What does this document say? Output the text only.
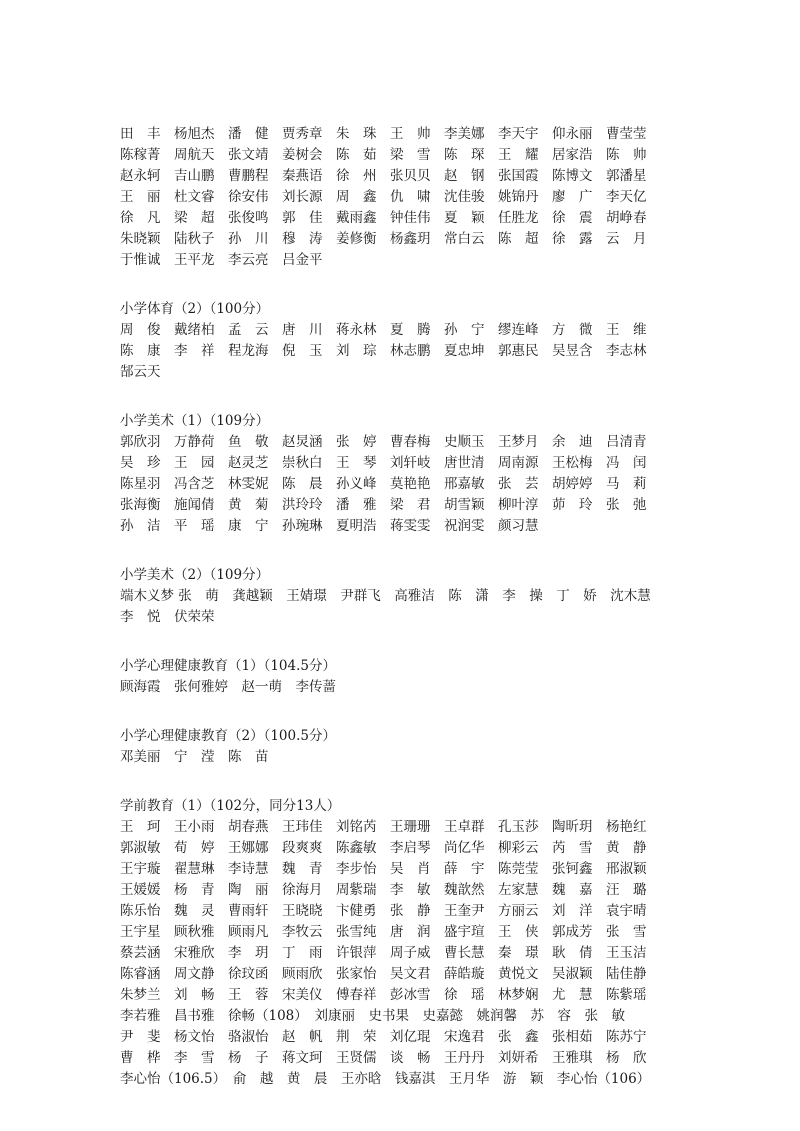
田　丰　杨旭杰　潘　健　贾秀章　朱　珠　王　帅　李美娜　李天宇　仰永丽　曹莹莹
陈稼菁　周航天　张文靖　姜树会　陈　茹　梁　雪　陈　琛　王　耀　居家浩　陈　帅
赵永轲　吉山鹏　曹鹏程　秦燕语　徐　州　张贝贝　赵　钢　张国霞　陈博文　郭潘星
王　丽　杜文睿　徐安伟　刘长源　周　鑫　仇　啸　沈佳骏　姚锦丹　廖　广　李天亿
徐　凡　梁　超　张俊鸣　郭　佳　戴雨鑫　钟佳伟　夏　颖　任胜龙　徐　震　胡峥春
朱晓颖　陆秋子　孙　川　穆　涛　姜修衡　杨鑫玥　常白云　陈　超　徐　露　云　月
于惟诚　王平龙　李云亮　吕金平
小学体育（2）（100分）
周　俊　戴绪柏　孟　云　唐　川　蒋永林　夏　腾　孙　宁　缪连峰　方　微　王　维
陈　康　李　祥　程龙海　倪　玉　刘　琮　林志鹏　夏忠坤　郭惠民　吴昱含　李志林
郜云天
小学美术（1）（109分）
郭欣羽　万静荷　鱼　敬　赵炅涵　张　婷　曹春梅　史顺玉　王梦月　余　迪　吕清青
吴　珍　王　园　赵灵芝　崇秋白　王　琴　刘轩岐　唐世清　周南源　王松梅　冯　闰
陈星羽　冯含芝　林雯妮　陈　晨　孙义峰　莫艳艳　邢嘉敏　张　芸　胡婷婷　马　莉
张海衡　施闻倩　黄　菊　洪玲玲　潘　雅　梁　君　胡雪颖　柳叶淳　茆　玲　张　弛
孙　洁　平　瑶　康　宁　孙琬琳　夏明浩　蒋雯雯　祝润雯　颜习慧
小学美术（2）（109分）
端木义梦 张　萌　龚越颖　王婧璟　尹群飞　高雅洁　陈　潇　李　操　丁　娇　沈木慧
李　悦　伏荣荣
小学心理健康教育（1）（104.5分）
顾海霞　张何雅婷　赵一萌　李传蔷
小学心理健康教育（2）（100.5分）
邓美丽　宁　滢　陈　苗
学前教育（1）（102分，同分13人）
王　珂　王小雨　胡春燕　王玮佳　刘铭芮　王珊珊　王卓群　孔玉莎　陶昕玥　杨艳红
郭淑敏　荀　婷　王娜娜　段爽爽　陈鑫敏　李启琴　尚亿华　柳彩云　芮　雪　黄　静
王宇璇　翟慧琳　李诗慧　魏　青　李步怡　吴　肖　薛　宇　陈莞莹　张钶鑫　邢淑颖
王媛媛　杨　青　陶　丽　徐海月　周紫瑞　李　敏　魏歆然　左家慧　魏　嘉　汪　璐
陈乐怡　魏　灵　曹雨轩　王晓晓　卞健勇　张　静　王奎尹　方丽云　刘　洋　袁宇晴
王宇星　顾秋雅　顾雨凡　李牧云　张雪纯　唐　润　盛宇瑄　王　侠　郭成芳　张　雪
蔡芸涵　宋雅欣　李　玥　丁　雨　许银萍　周子威　曹长慧　秦　璟　耿　倩　王玉洁
陈睿涵　周文静　徐玟函　顾雨欣　张家怡　吴文君　薛皓璇　黄悦文　吴淑颖　陆佳静
朱梦兰　刘　畅　王　蓉　宋美仪　傅春祥　彭冰雪　徐　瑶　林梦娴　尤　慧　陈紫瑶
李若雅　昌书雅　徐畅（108）　刘康丽　史书果　史嘉懿　姚润馨　苏　容　张　敏
尹　斐　杨文怡　骆淑怡　赵　帆　荆　荣　刘亿琨　宋逸君　张　鑫　张相茹　陈苏宁
曹　桦　李　雪　杨　子　蒋文珂　王贤儒　谈　畅　王丹丹　刘妍希　王雅琪　杨　欣
李心怡（106.5）　俞　越　黄　晨　王亦晗　钱嘉淇　王月华　游　颖　李心怡（106）
